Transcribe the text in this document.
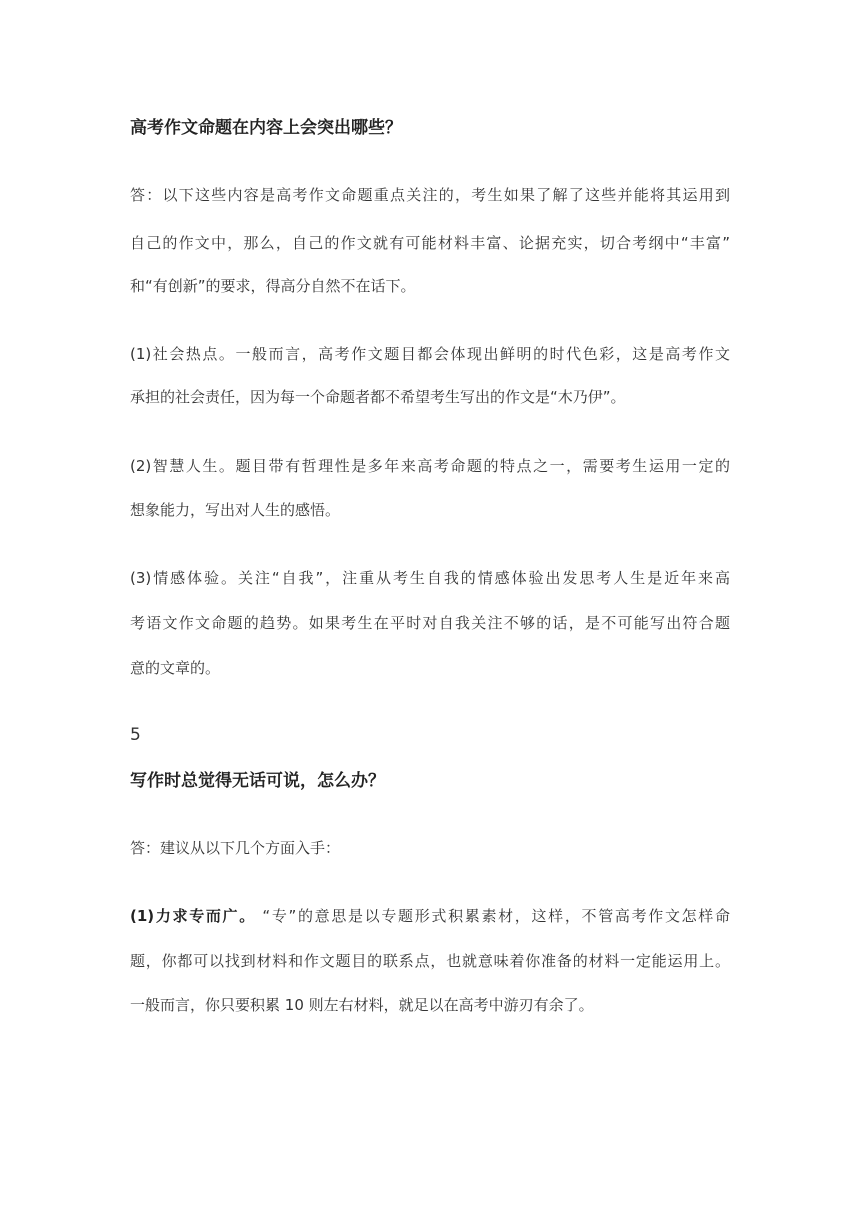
高考作文命题在内容上会突出哪些？
答：以下这些内容是高考作文命题重点关注的，考生如果了解了这些并能将其运用到
自己的作文中，那么，自己的作文就有可能材料丰富、论据充实，切合考纲中“丰富”
和“有创新”的要求，得高分自然不在话下。
(1)社会热点。一般而言，高考作文题目都会体现出鲜明的时代色彩，这是高考作文
承担的社会责任，因为每一个命题者都不希望考生写出的作文是“木乃伊”。
(2)智慧人生。题目带有哲理性是多年来高考命题的特点之一，需要考生运用一定的
想象能力，写出对人生的感悟。
(3)情感体验。关注“自我”，注重从考生自我的情感体验出发思考人生是近年来高
考语文作文命题的趋势。如果考生在平时对自我关注不够的话，是不可能写出符合题
意的文章的。
5
写作时总觉得无话可说，怎么办？
答：建议从以下几个方面入手：
(1)力求专而广。 “专”的意思是以专题形式积累素材，这样，不管高考作文怎样命
题，你都可以找到材料和作文题目的联系点，也就意味着你准备的材料一定能运用上。
一般而言，你只要积累 10 则左右材料，就足以在高考中游刃有余了。
